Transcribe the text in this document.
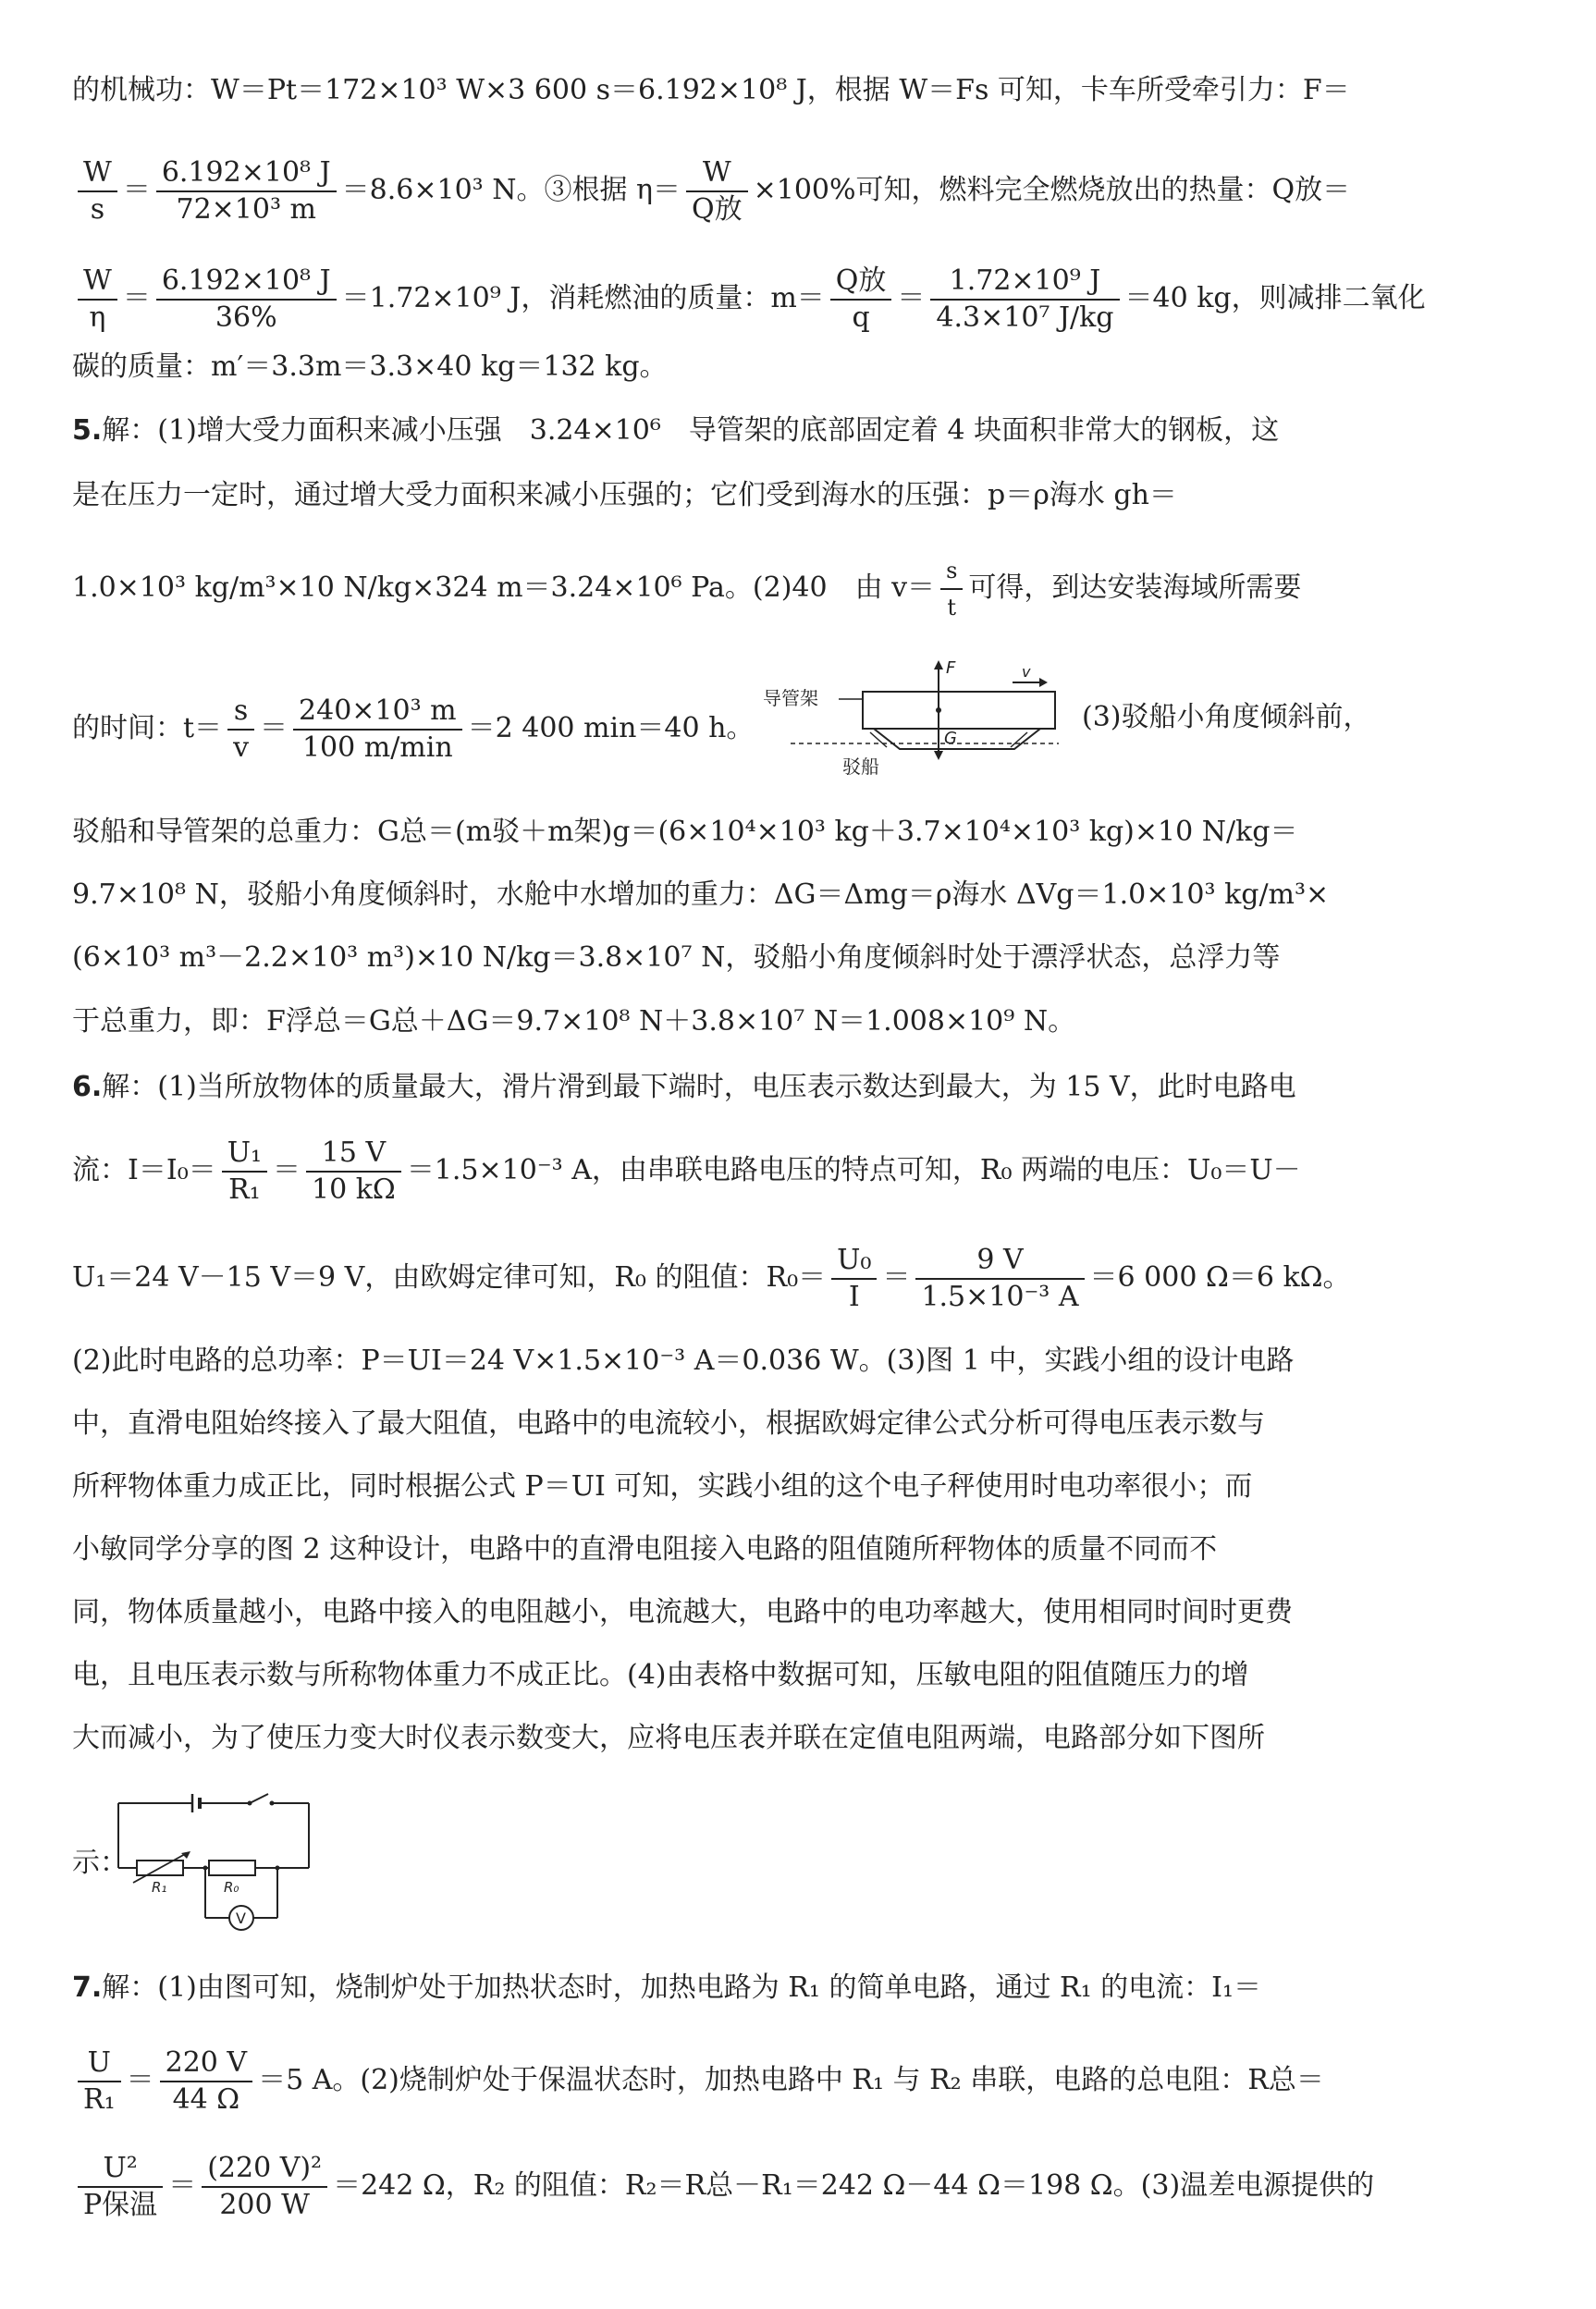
的机械功：W＝Pt＝172×10³ W×3 600 s＝6.192×10⁸ J，根据 W＝Fs 可知，卡车所受牵引力：F＝
$\frac{W}{s} = \frac{\text{6.192×10⁸ J}}{\text{72×10³ m}} =8.6\times 10^3$ N。③根据 $\eta= \frac{W}{\text{Q放}} \times 100\%$可知，燃料完全燃烧放出的热量：Q放＝
$\frac{W}{\eta} = \frac{\text{6.192×10⁸ J}}{36\%} =1.72\times 10^9$ J，消耗燃油的质量：$m= \frac{\text{Q放}}{q} = \frac{\text{1.72×10⁹ J}}{\text{4.3×10⁷ J/kg}} =40$ kg，则减排二氧化
碳的质量：m′＝3.3m＝3.3×40 kg＝132 kg。
5.解：(1)增大受力面积来减小压强　3.24×10⁶　导管架的底部固定着 4 块面积非常大的钢板，这
是在压力一定时，通过增大受力面积来减小压强的；它们受到海水的压强：p＝ρ海水 gh＝
1.0×10³ kg/m³×10 N/kg×324 m＝3.24×10⁶ Pa。(2)40　由 $v= \frac{s}{t}$ 可得，到达安装海域所需要
的时间：$t= \frac{s}{v} = \frac{\text{240×10³ m}}{100 m/\min} =2$ 400 min＝40 h。
导管架
F	v
G
驳船
(3)驳船小角度倾斜前，
驳船和导管架的总重力：G总＝(m驳＋m架)g＝(6×10⁴×10³ kg＋3.7×10⁴×10³ kg)×10 N/kg＝
9.7×10⁸ N，驳船小角度倾斜时，水舱中水增加的重力：ΔG＝Δmg＝ρ海水 ΔVg＝1.0×10³ kg/m³×
(6×10³ m³－2.2×10³ m³)×10 N/kg＝3.8×10⁷ N，驳船小角度倾斜时处于漂浮状态，总浮力等
于总重力，即：F浮总＝G总＋ΔG＝9.7×10⁸ N＋3.8×10⁷ N＝1.008×10⁹ N。
6.解：(1)当所放物体的质量最大，滑片滑到最下端时，电压表示数达到最大，为 15 V，此时电路电
流：$I=I_0= \frac{\text{U₁}}{\text{R₁}} = \frac{15 V}{10 k\Omega} =1.5\times 10^{-3}$ A，由串联电路电压的特点可知，R₀ 两端的电压：U₀＝U－
U₁＝24 V－15 V＝9 V，由欧姆定律可知，R₀ 的阻值：$R_0= \frac{\text{U₀}}{I} = \frac{9 V}{\text{1.5×10⁻³ A}} =6$ 000 Ω＝6 kΩ。
(2)此时电路的总功率：P＝UI＝24 V×1.5×10⁻³ A＝0.036 W。(3)图 1 中，实践小组的设计电路
中，直滑电阻始终接入了最大阻值，电路中的电流较小，根据欧姆定律公式分析可得电压表示数与
所秤物体重力成正比，同时根据公式 P＝UI 可知，实践小组的这个电子秤使用时电功率很小；而
小敏同学分享的图 2 这种设计，电路中的直滑电阻接入电路的阻值随所秤物体的质量不同而不
同，物体质量越小，电路中接入的电阻越小，电流越大，电路中的电功率越大，使用相同时间时更费
电，且电压表示数与所称物体重力不成正比。(4)由表格中数据可知，压敏电阻的阻值随压力的增
大而减小，为了使压力变大时仪表示数变大，应将电压表并联在定值电阻两端，电路部分如下图所
示：
R₁	R₀
V
7.解：(1)由图可知，烧制炉处于加热状态时，加热电路为 R₁ 的简单电路，通过 R₁ 的电流：I₁＝
$\frac{U}{\text{R₁}} = \frac{220 V}{44 \Omega} =5$ A。(2)烧制炉处于保温状态时，加热电路中 R₁ 与 R₂ 串联，电路的总电阻：R总＝
$\frac{\text{U²}}{\text{P保温}} = \frac{\text{(220 V)²}}{200 W} =242$ Ω，R₂ 的阻值：R₂＝R总－R₁＝242 Ω－44 Ω＝198 Ω。(3)温差电源提供的
